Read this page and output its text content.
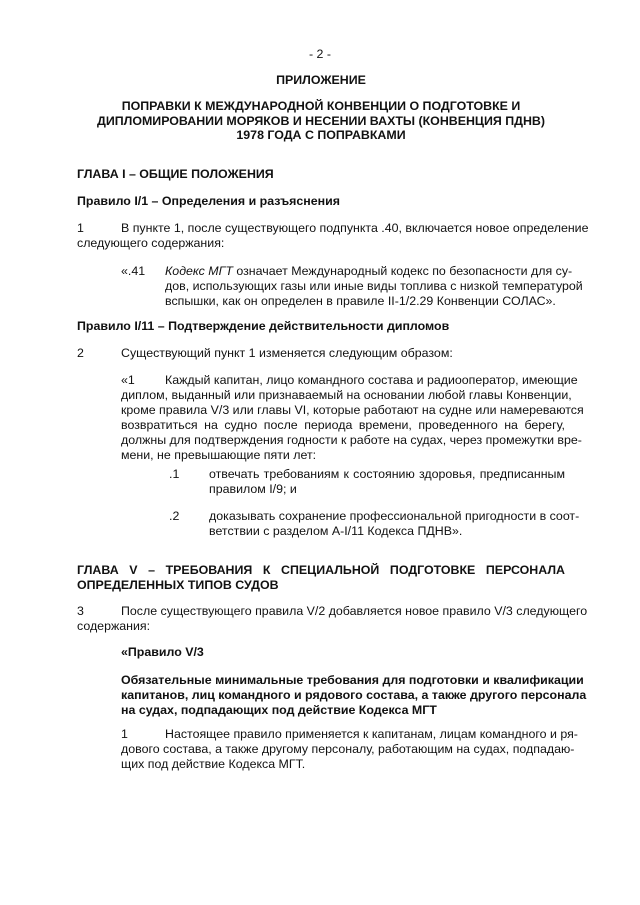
- 2 -
ПРИЛОЖЕНИЕ
ПОПРАВКИ К МЕЖДУНАРОДНОЙ КОНВЕНЦИИ О ПОДГОТОВКЕ И
ДИПЛОМИРОВАНИИ МОРЯКОВ И НЕСЕНИИ ВАХТЫ (КОНВЕНЦИЯ ПДНВ)
1978 ГОДА С ПОПРАВКАМИ
ГЛАВА I – ОБЩИЕ ПОЛОЖЕНИЯ
Правило I/1 – Определения и разъяснения
1	В пункте 1, после существующего подпункта .40, включается новое определение
следующего содержания:
«.41 Кодекс МГТ означает Международный кодекс по безопасности для су-
дов, использующих газы или иные виды топлива с низкой температурой
вспышки, как он определен в правиле II-1/2.29 Конвенции СОЛАС».
Правило I/11 – Подтверждение действительности дипломов
2	Существующий пункт 1 изменяется следующим образом:
«1 Каждый капитан, лицо командного состава и радиооператор, имеющие
диплом, выданный или признаваемый на основании любой главы Конвенции,
кроме правила V/3 или главы VI, которые работают на судне или намереваются
возвратиться на судно после периода времени, проведенного на берегу,
должны для подтверждения годности к работе на судах, через промежутки вре-
мени, не превышающие пяти лет:
.1 отвечать требованиям к состоянию здоровья, предписанным
правилом I/9; и
.2 доказывать сохранение профессиональной пригодности в соот-
ветствии с разделом A-I/11 Кодекса ПДНВ».
ГЛАВА V – ТРЕБОВАНИЯ К СПЕЦИАЛЬНОЙ ПОДГОТОВКЕ ПЕРСОНАЛА
ОПРЕДЕЛЕННЫХ ТИПОВ СУДОВ
3	После существующего правила V/2 добавляется новое правило V/3 следующего
содержания:
«Правило V/3
Обязательные минимальные требования для подготовки и квалификации
капитанов, лиц командного и рядового состава, а также другого персонала
на судах, подпадающих под действие Кодекса МГТ
1	Настоящее правило применяется к капитанам, лицам командного и ря-
дового состава, а также другому персоналу, работающим на судах, подпадаю-
щих под действие Кодекса МГТ.
